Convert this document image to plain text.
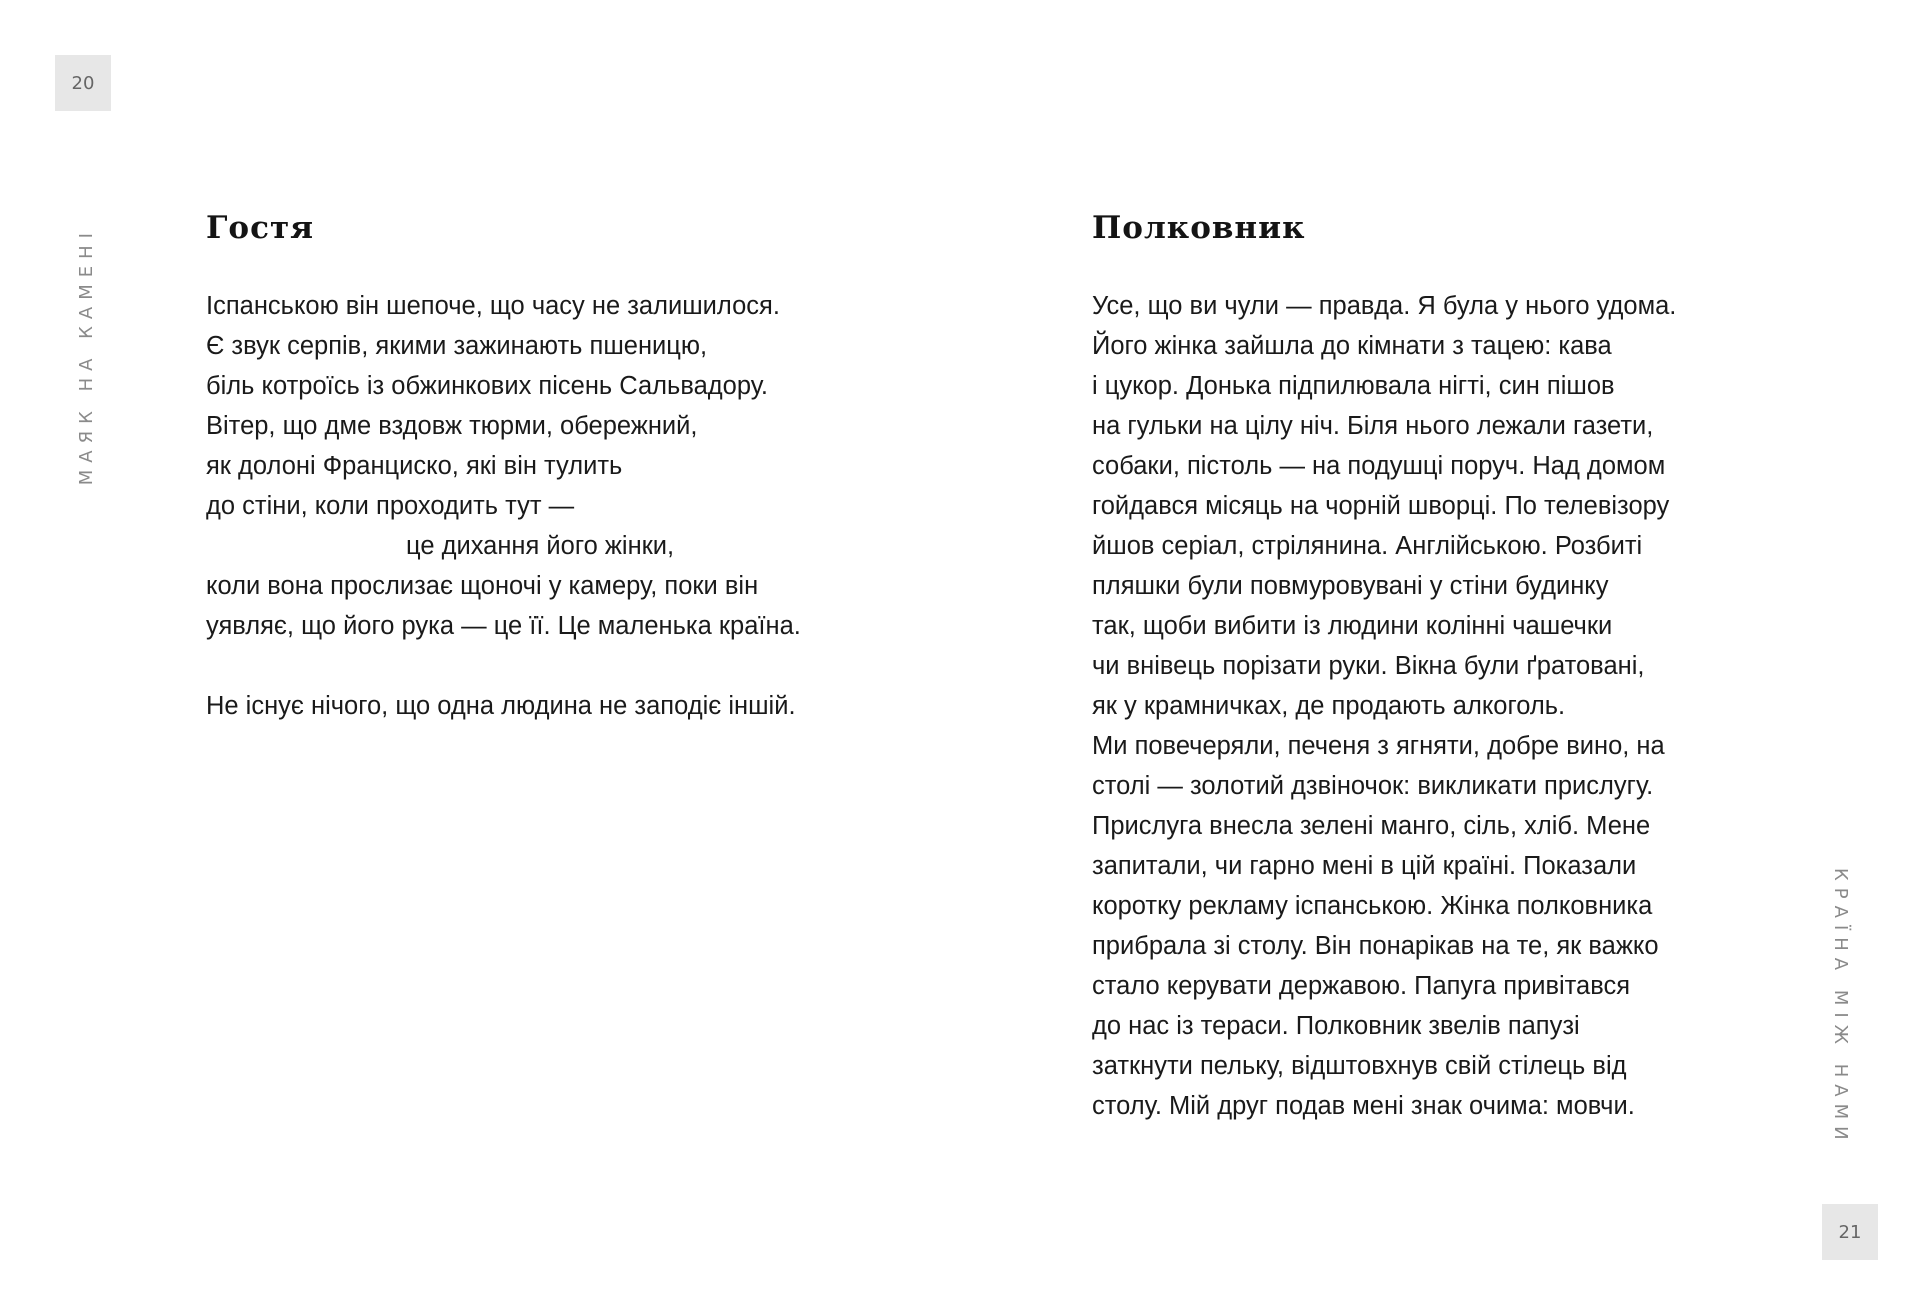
20
МАЯК НА КАМЕНІ	Гостя
Іспанською він шепоче, що часу не залишилося.
Є звук серпів, якими зажинають пшеницю,
біль котроїсь із обжинкових пісень Сальвадору.
Вітер, що дме вздовж тюрми, обережний,
як долоні Франциско, які він тулить
до стіни, коли проходить тут —
це дихання його жінки,
коли вона прослизає щоночі у камеру, поки він
уявляє, що його рука — це її. Це маленька країна.
Не існує нічого, що одна людина не заподіє іншій.
Полковник
Усе, що ви чули — правда. Я була у нього удома.
Його жінка зайшла до кімнати з тацею: кава
і цукор. Донька підпилювала нігті, син пішов
на гульки на цілу ніч. Біля нього лежали газети,
собаки, пістоль — на подушці поруч. Над домом
гойдався місяць на чорній шворці. По телевізору
йшов серіал, стрілянина. Англійською. Розбиті
пляшки були повмуровувані у стіни будинку
так, щоби вибити із людини колінні чашечки
чи внівець порізати руки. Вікна були ґратовані,
як у крамничках, де продають алкоголь.
Ми повечеряли, печеня з ягняти, добре вино, на
столі — золотий дзвіночок: викликати прислугу.
Прислуга внесла зелені манго, сіль, хліб. Мене
запитали, чи гарно мені в цій країні. Показали
коротку рекламу іспанською. Жінка полковника
прибрала зі столу. Він понарікав на те, як важко
стало керувати державою. Папуга привітався
до нас із тераси. Полковник звелів папузі
заткнути пельку, відштовхнув свій стілець від
столу. Мій друг подав мені знак очима: мовчи.	КРАЇНА МІЖ НАМИ
21
